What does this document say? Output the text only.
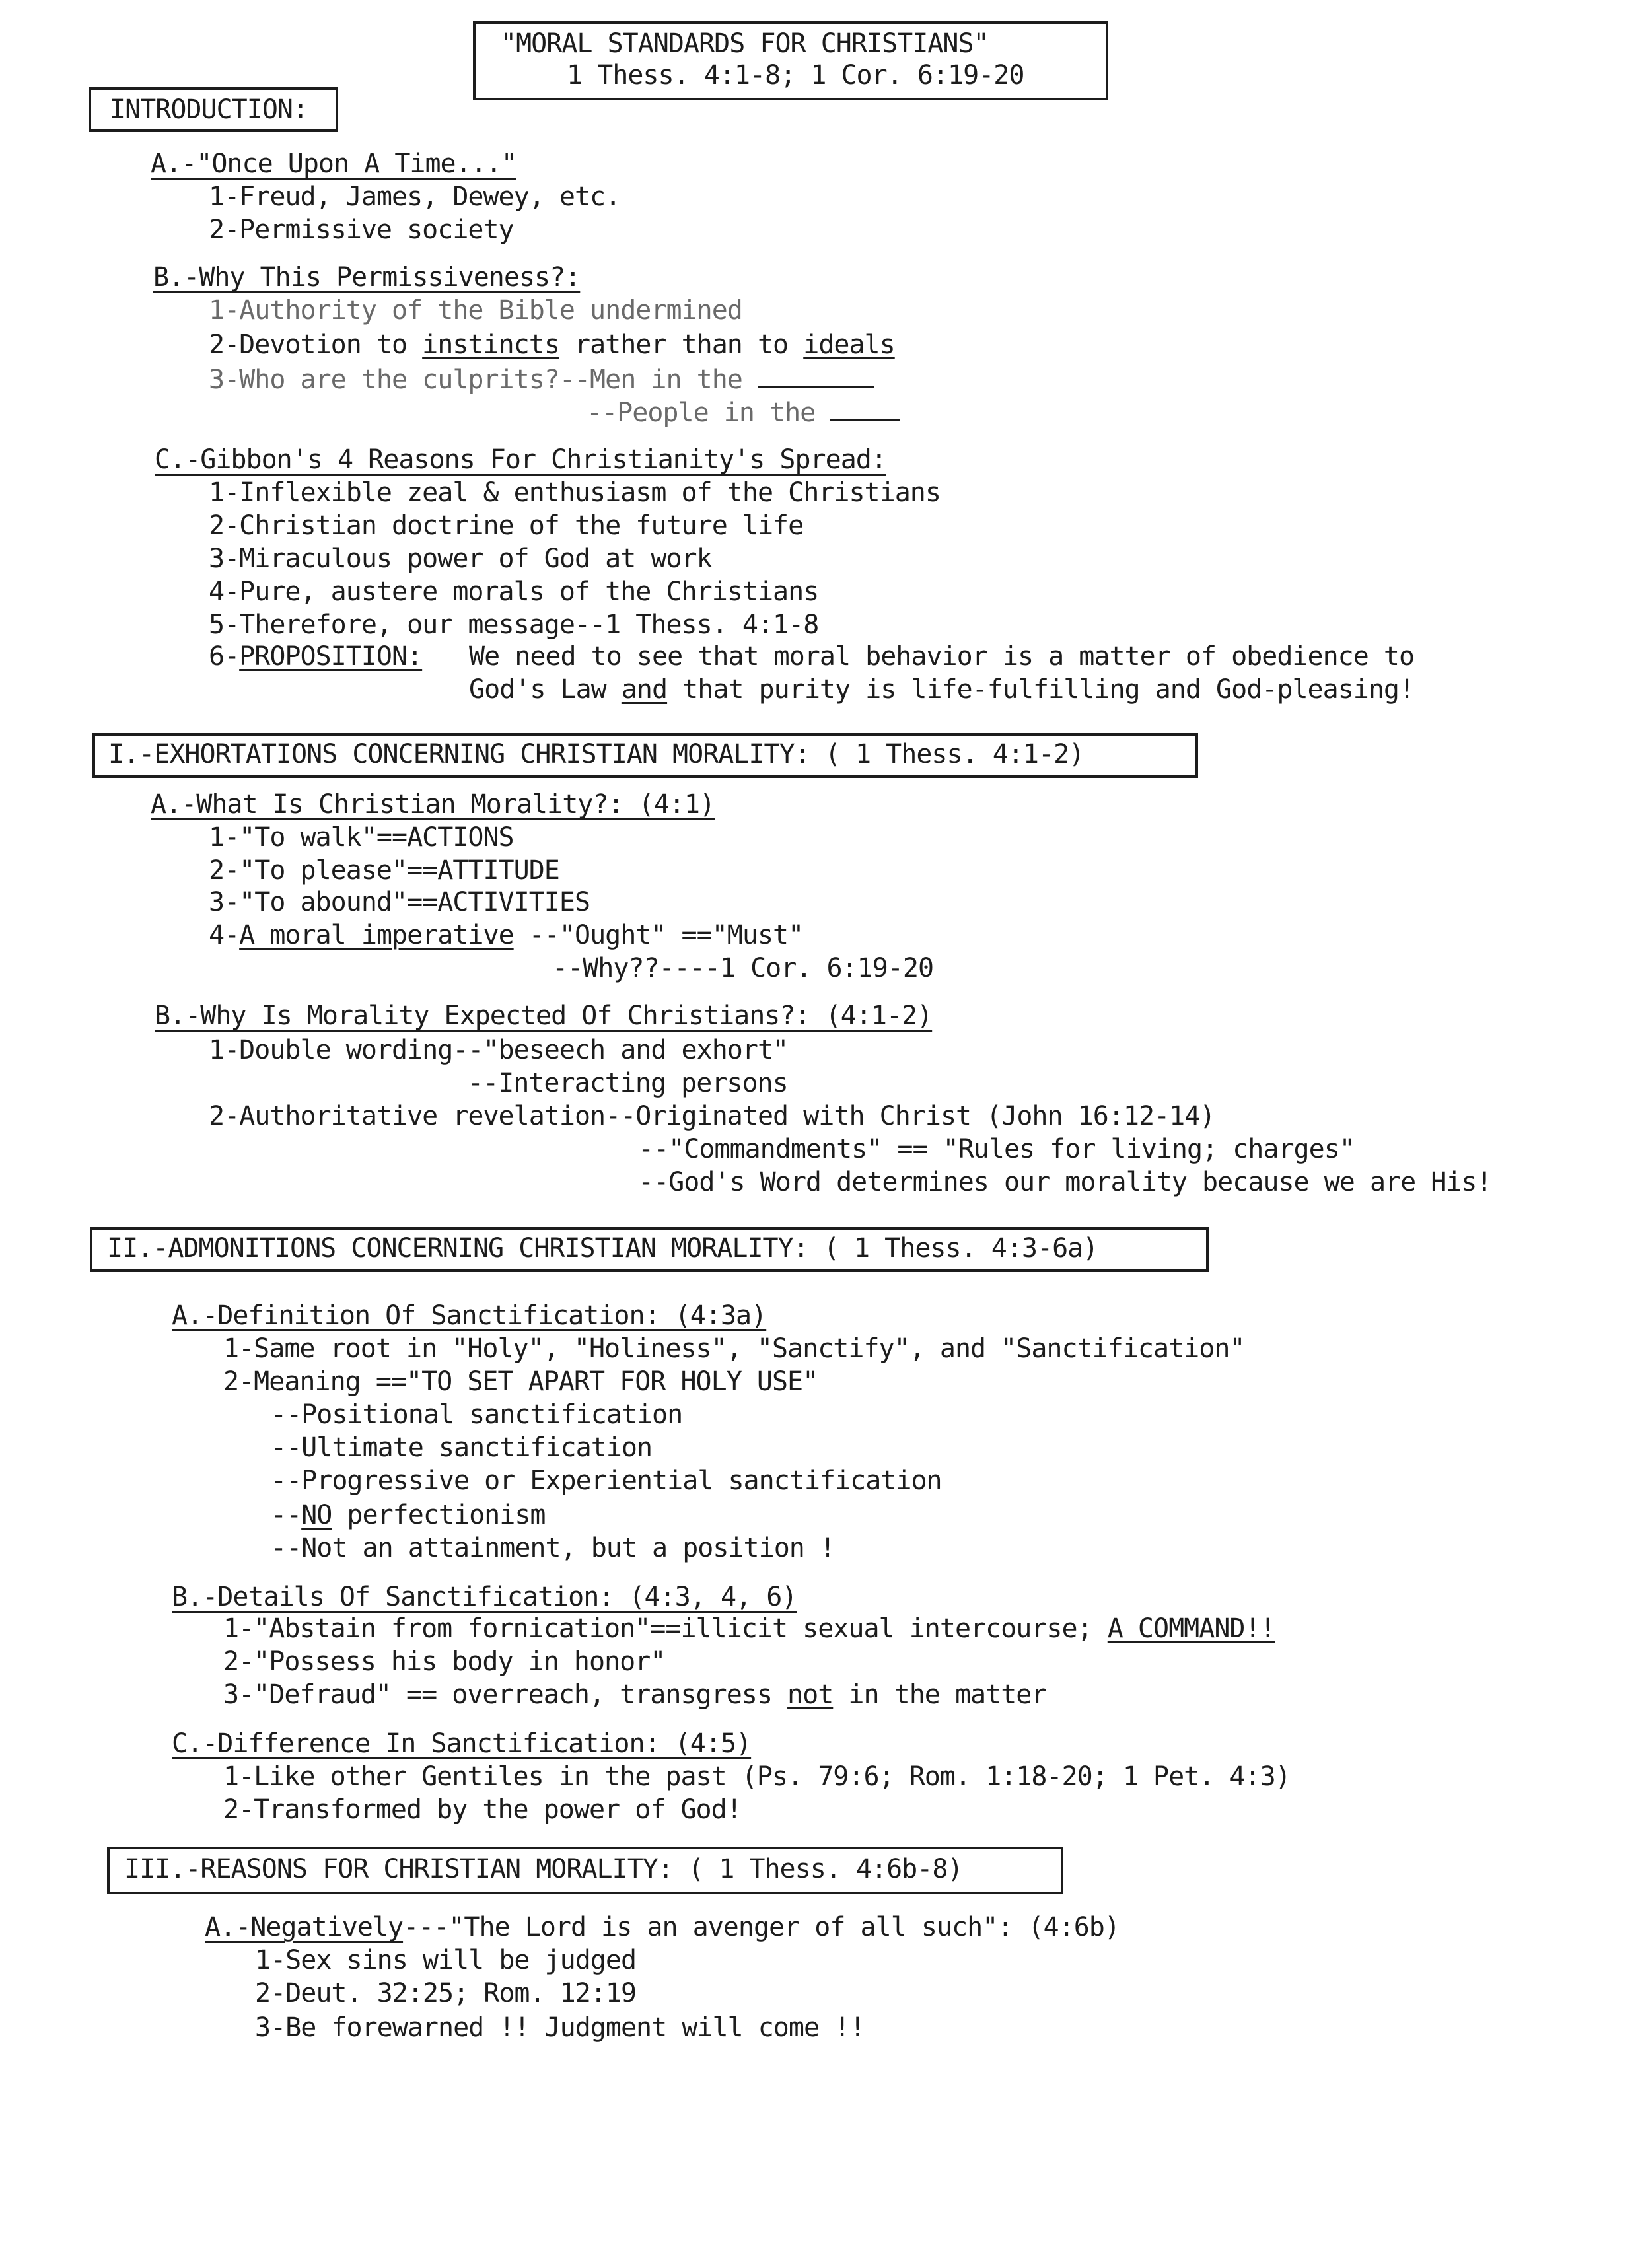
"MORAL STANDARDS FOR CHRISTIANS"
1 Thess. 4:1-8; 1 Cor. 6:19-20
INTRODUCTION:
A.-"Once Upon A Time..."
1-Freud, James, Dewey, etc.
2-Permissive society
B.-Why This Permissiveness?:
1-Authority of the Bible undermined
2-Devotion to instincts rather than to ideals
3-Who are the culprits?--Men in the
--People in the
C.-Gibbon's 4 Reasons For Christianity's Spread:
1-Inflexible zeal & enthusiasm of the Christians
2-Christian doctrine of the future life
3-Miraculous power of God at work
4-Pure, austere morals of the Christians
5-Therefore, our message--1 Thess. 4:1-8
6-PROPOSITION: We need to see that moral behavior is a matter of obedience to
God's Law and that purity is life-fulfilling and God-pleasing!
I.-EXHORTATIONS CONCERNING CHRISTIAN MORALITY: ( 1 Thess. 4:1-2)
A.-What Is Christian Morality?: (4:1)
1-"To walk"==ACTIONS
2-"To please"==ATTITUDE
3-"To abound"==ACTIVITIES
4-A moral imperative --"Ought" =="Must"
--Why??----1 Cor. 6:19-20
B.-Why Is Morality Expected Of Christians?: (4:1-2)
1-Double wording--"beseech and exhort"
--Interacting persons
2-Authoritative revelation--Originated with Christ (John 16:12-14)
--"Commandments" == "Rules for living; charges"
--God's Word determines our morality because we are His!
II.-ADMONITIONS CONCERNING CHRISTIAN MORALITY: ( 1 Thess. 4:3-6a)
A.-Definition Of Sanctification: (4:3a)
1-Same root in "Holy", "Holiness", "Sanctify", and "Sanctification"
2-Meaning =="TO SET APART FOR HOLY USE"
--Positional sanctification
--Ultimate sanctification
--Progressive or Experiential sanctification
--NO perfectionism
--Not an attainment, but a position !
B.-Details Of Sanctification: (4:3, 4, 6)
1-"Abstain from fornication"==illicit sexual intercourse; A COMMAND!!
2-"Possess his body in honor"
3-"Defraud" == overreach, transgress not in the matter
C.-Difference In Sanctification: (4:5)
1-Like other Gentiles in the past (Ps. 79:6; Rom. 1:18-20; 1 Pet. 4:3)
2-Transformed by the power of God!
III.-REASONS FOR CHRISTIAN MORALITY: ( 1 Thess. 4:6b-8)
A.-Negatively---"The Lord is an avenger of all such": (4:6b)
1-Sex sins will be judged
2-Deut. 32:25; Rom. 12:19
3-Be forewarned !! Judgment will come !!
